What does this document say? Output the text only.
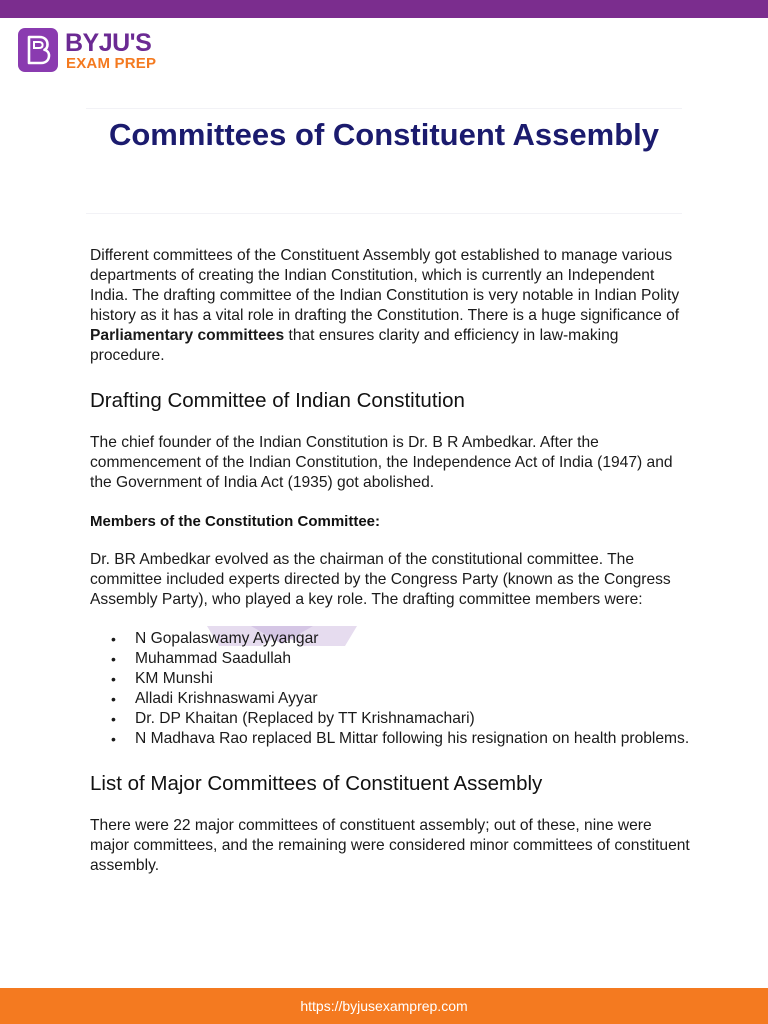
BYJU'S
EXAM PREP
Committees of Constituent Assembly

Different committees of the Constituent Assembly got established to manage various departments of creating the Indian Constitution, which is currently an Independent India. The drafting committee of the Indian Constitution is very notable in Indian Polity history as it has a vital role in drafting the Constitution. There is a huge significance of Parliamentary committees that ensures clarity and efficiency in law-making procedure.

Drafting Committee of Indian Constitution

The chief founder of the Indian Constitution is Dr. B R Ambedkar. After the commencement of the Indian Constitution, the Independence Act of India (1947) and the Government of India Act (1935) got abolished.

Members of the Constitution Committee:

Dr. BR Ambedkar evolved as the chairman of the constitutional committee. The committee included experts directed by the Congress Party (known as the Congress Assembly Party), who played a key role. The drafting committee members were:

• N Gopalaswamy Ayyangar
• Muhammad Saadullah
• KM Munshi
• Alladi Krishnaswami Ayyar
• Dr. DP Khaitan (Replaced by TT Krishnamachari)
• N Madhava Rao replaced BL Mittar following his resignation on health problems.
List of Major Committees of Constituent Assembly

There were 22 major committees of constituent assembly; out of these, nine were major committees, and the remaining were considered minor committees of constituent assembly.

https://byjusexamprep.com
